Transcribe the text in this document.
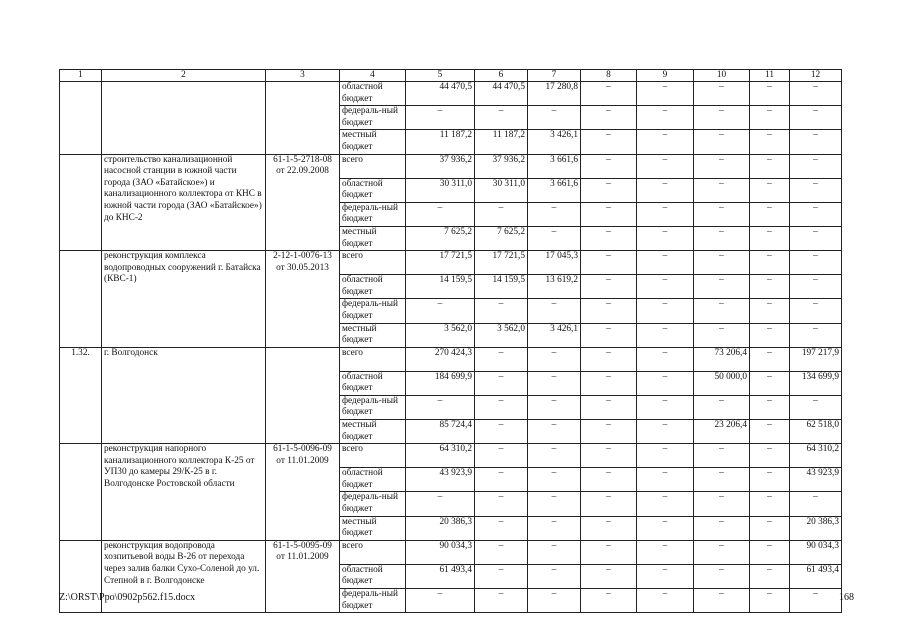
1	2	3	4	5	6	7	8	9	10	11	12
			областной бюджет	44 470,5	44 470,5	17 280,8	–	–	–	–	–
			федераль-ный бюджет	–	–	–	–	–	–	–	–
			местный бюджет	11 187,2	11 187,2	3 426,1	–	–	–	–	–
	строительство канализационной насосной станции в южной части города (ЗАО «Батайское») и канализационного коллектора от КНС в южной части города (ЗАО «Батайское») до КНС-2	61-1-5-2718-08 от 22.09.2008	всего	37 936,2	37 936,2	3 661,6	–	–	–	–	–
			областной бюджет	30 311,0	30 311,0	3 661,6	–	–	–	–	–
			федераль-ный бюджет	–	–	–	–	–	–	–	–
			местный бюджет	7 625,2	7 625,2	–	–	–	–	–	–
	реконструкция комплекса водопроводных сооружений г. Батайска (КВС-1)	2-12-1-0076-13 от 30.05.2013	всего	17 721,5	17 721,5	17 045,3	–	–	–	–	–
			областной бюджет	14 159,5	14 159,5	13 619,2	–	–	–	–	–
			федераль-ный бюджет	–	–	–	–	–	–	–	–
			местный бюджет	3 562,0	3 562,0	3 426,1	–	–	–	–	–
1.32.	г. Волгодонск		всего	270 424,3	–	–	–	–	73 206,4	–	197 217,9
			областной бюджет	184 699,9	–	–	–	–	50 000,0	–	134 699,9
			федераль-ный бюджет	–	–	–	–	–	–	–	–
			местный бюджет	85 724,4	–	–	–	–	23 206,4	–	62 518,0
	реконструкция напорного канализационного коллектора К-25 от УП30 до камеры 29/К-25 в г. Волгодонске Ростовской области	61-1-5-0096-09 от 11.01.2009	всего	64 310,2	–	–	–	–	–	–	64 310,2
			областной бюджет	43 923,9	–	–	–	–	–	–	43 923,9
			федераль-ный бюджет	–	–	–	–	–	–	–	–
			местный бюджет	20 386,3	–	–	–	–	–	–	20 386,3
	реконструкция водопровода хозпитьевой воды В-26 от перехода через залив балки Сухо-Соленой до ул. Степной в г. Волгодонске	61-1-5-0095-09 от 11.01.2009	всего	90 034,3	–	–	–	–	–	–	90 034,3
			областной бюджет	61 493,4	–	–	–	–	–	–	61 493,4
			федераль-ный бюджет	–	–	–	–	–	–	–	–
Z:\ORST\Ppo\0902p562.f15.docx	168
